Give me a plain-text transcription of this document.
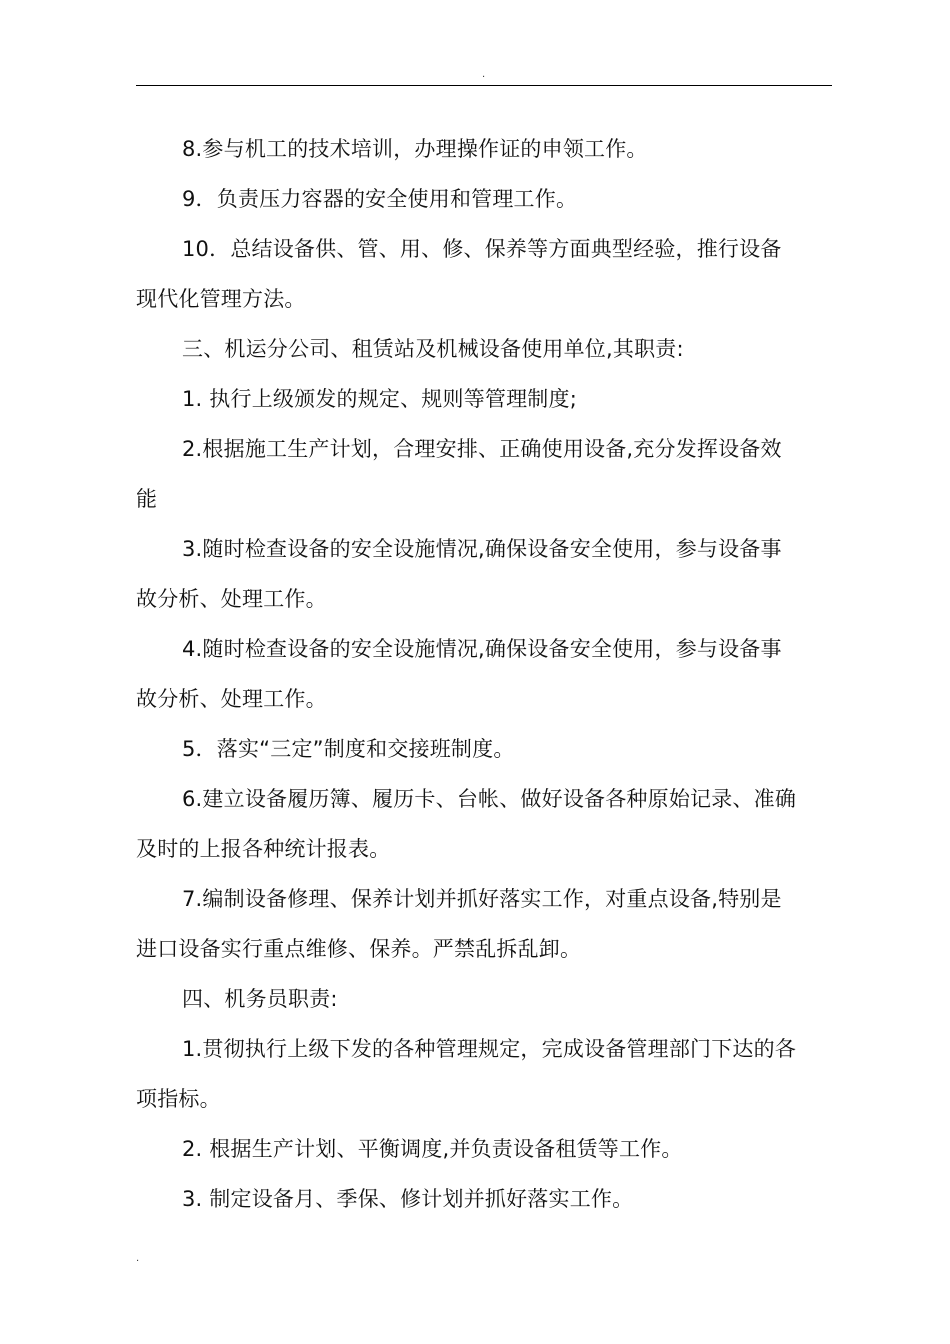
.
8.参与机工的技术培训，办理操作证的申领工作。
9．负责压力容器的安全使用和管理工作。
10．总结设备供、管、用、修、保养等方面典型经验，推行设备
现代化管理方法。
三、机运分公司、租赁站及机械设备使用单位,其职责:
1. 执行上级颁发的规定、规则等管理制度;
2.根据施工生产计划，合理安排、正确使用设备,充分发挥设备效
能
3.随时检查设备的安全设施情况,确保设备安全使用，参与设备事
故分析、处理工作。
4.随时检查设备的安全设施情况,确保设备安全使用，参与设备事
故分析、处理工作。
5．落实“三定”制度和交接班制度。
6.建立设备履历簿、履历卡、台帐、做好设备各种原始记录、准确
及时的上报各种统计报表。
7.编制设备修理、保养计划并抓好落实工作，对重点设备,特别是
进口设备实行重点维修、保养。严禁乱拆乱卸。
四、机务员职责:
1.贯彻执行上级下发的各种管理规定，完成设备管理部门下达的各
项指标。
2. 根据生产计划、平衡调度,并负责设备租赁等工作。
3. 制定设备月、季保、修计划并抓好落实工作。
.
